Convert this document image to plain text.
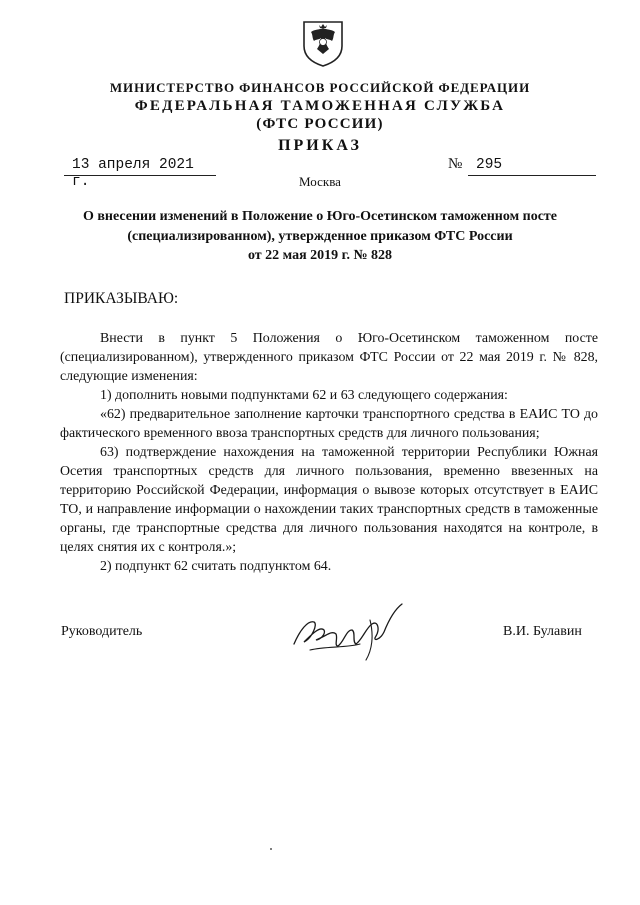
МИНИСТЕРСТВО ФИНАНСОВ РОССИЙСКОЙ ФЕДЕРАЦИИ
ФЕДЕРАЛЬНАЯ ТАМОЖЕННАЯ СЛУЖБА
(ФТС РОССИИ)
ПРИКАЗ
13 апреля 2021 г.
№ 295
Москва
О внесении изменений в Положение о Юго-Осетинском таможенном посте
(специализированном), утвержденное приказом ФТС России
от 22 мая 2019 г. № 828
ПРИКАЗЫВАЮ:

Внести в пункт 5 Положения о Юго-Осетинском таможенном посте (специализированном), утвержденного приказом ФТС России от 22 мая 2019 г. № 828, следующие изменения:

1) дополнить новыми подпунктами 62 и 63 следующего содержания:

«62) предварительное заполнение карточки транспортного средства в ЕАИС ТО до фактического временного ввоза транспортных средств для личного пользования;

63) подтверждение нахождения на таможенной территории Республики Южная Осетия транспортных средств для личного пользования, временно ввезенных на территорию Российской Федерации, информация о вывозе которых отсутствует в ЕАИС ТО, и направление информации о нахождении таких транспортных средств в таможенные органы, где транспортные средства для личного пользования находятся на контроле, в целях снятия их с контроля.»;

2) подпункт 62 считать подпунктом 64.

Руководитель	В.И. Булавин
